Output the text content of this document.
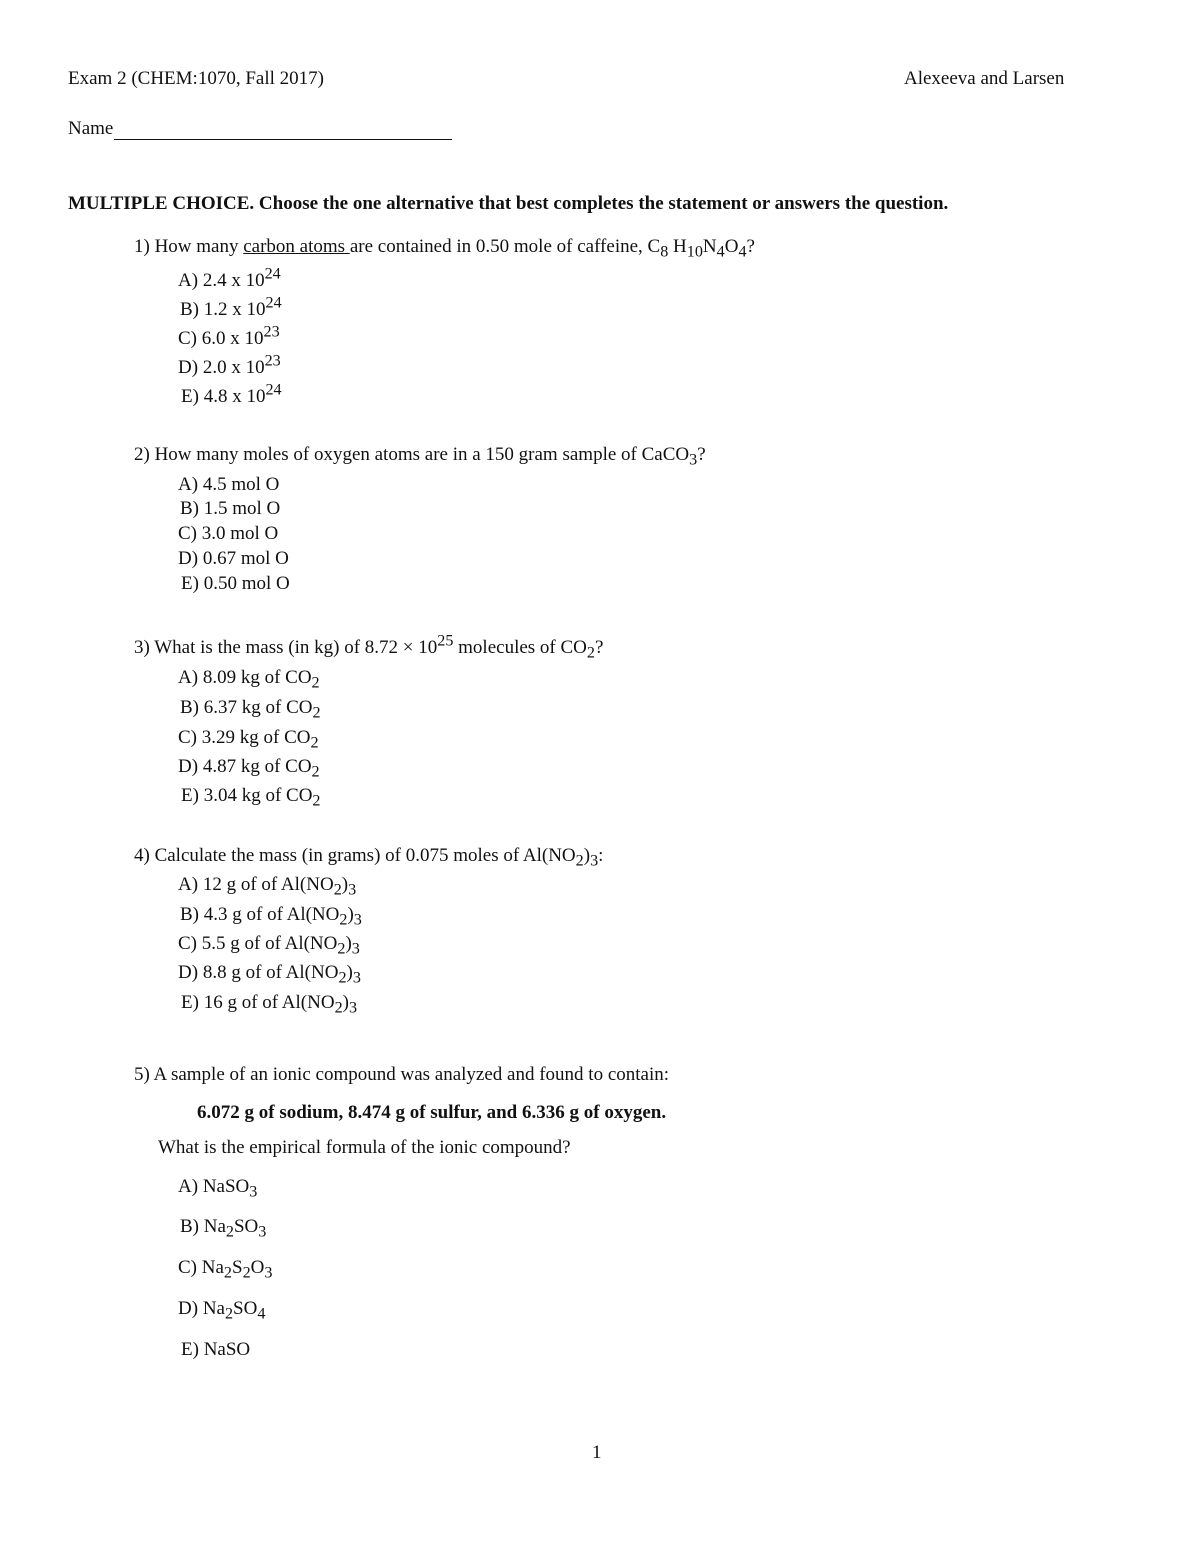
Exam 2 (CHEM:1070, Fall 2017)	Alexeeva and Larsen
Name
MULTIPLE CHOICE. Choose the one alternative that best completes the statement or answers the question.
1) How many carbon atoms are contained in 0.50 mole of caffeine, $C_8$ $H_{10}N_4O_4$?
A) 2.4 x $10^{24}$
B) 1.2 x $10^{24}$
C) 6.0 x $10^{23}$
D) 2.0 x $10^{23}$
E) 4.8 x $10^{24}$
2) How many moles of oxygen atoms are in a 150 gram sample of CaCO$_3$?
A) 4.5 mol O
B) 1.5 mol O
C) 3.0 mol O
D) 0.67 mol O
E) 0.50 mol O
3) What is the mass (in kg) of $8.72 \times 10^{25}$ molecules of $CO_2$?
A) 8.09 kg of $CO_2$
B) 6.37 kg of $CO_2$
C) 3.29 kg of $CO_2$
D) 4.87 kg of $CO_2$
E) 3.04 kg of $CO_2$
4) Calculate the mass (in grams) of 0.075 moles of $Al(NO_2)_3$:
A) 12 g of of $Al(NO_2)_3$
B) 4.3 g of of $Al(NO_2)_3$
C) 5.5 g of of $Al(NO_2)_3$
D) 8.8 g of of $Al(NO_2)_3$
E) 16 g of of $Al(NO_2)_3$
5) A sample of an ionic compound was analyzed and found to contain:
6.072 g of sodium, 8.474 g of sulfur, and 6.336 g of oxygen.
What is the empirical formula of the ionic compound?
A) NaSO$_3$
B) $Na_2SO_3$
C) $Na_2S_2O_3$
D) $Na_2SO_4$
E) NaSO
1
